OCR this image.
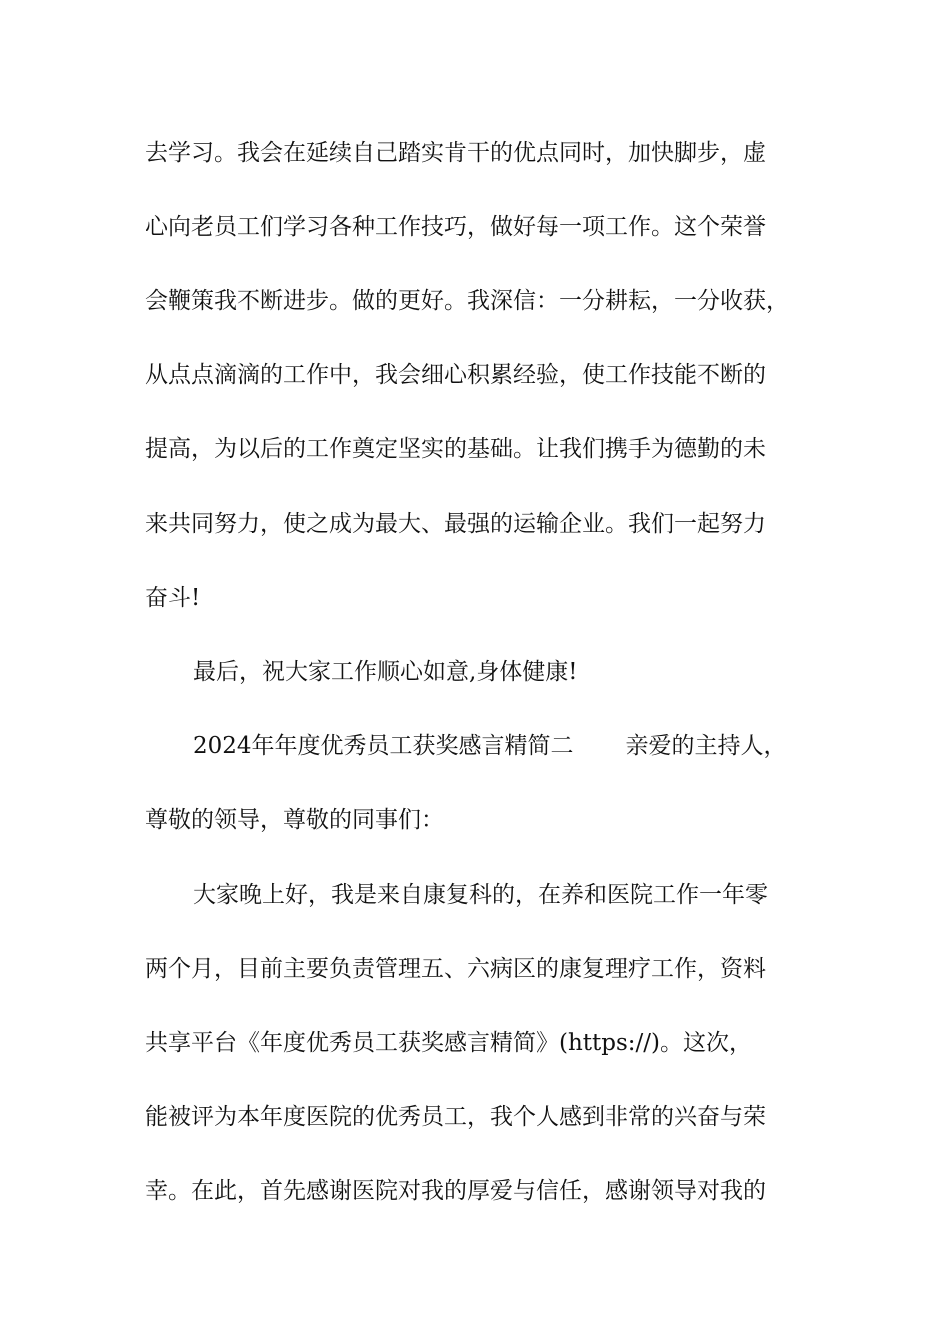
去学习。我会在延续自己踏实肯干的优点同时，加快脚步，虚
心向老员工们学习各种工作技巧，做好每一项工作。这个荣誉
会鞭策我不断进步。做的更好。我深信：一分耕耘，一分收获，
从点点滴滴的工作中，我会细心积累经验，使工作技能不断的
提高，为以后的工作奠定坚实的基础。让我们携手为德勤的未
来共同努力，使之成为最大、最强的运输企业。我们一起努力
奋斗!
最后，祝大家工作顺心如意,身体健康!
2024年年度优秀员工获奖感言精简二 亲爱的主持人，
尊敬的领导，尊敬的同事们：
大家晚上好，我是来自康复科的，在养和医院工作一年零
两个月，目前主要负责管理五、六病区的康复理疗工作，资料
共享平台《年度优秀员工获奖感言精简》(https://)。这次，
能被评为本年度医院的优秀员工，我个人感到非常的兴奋与荣
幸。在此，首先感谢医院对我的厚爱与信任，感谢领导对我的
